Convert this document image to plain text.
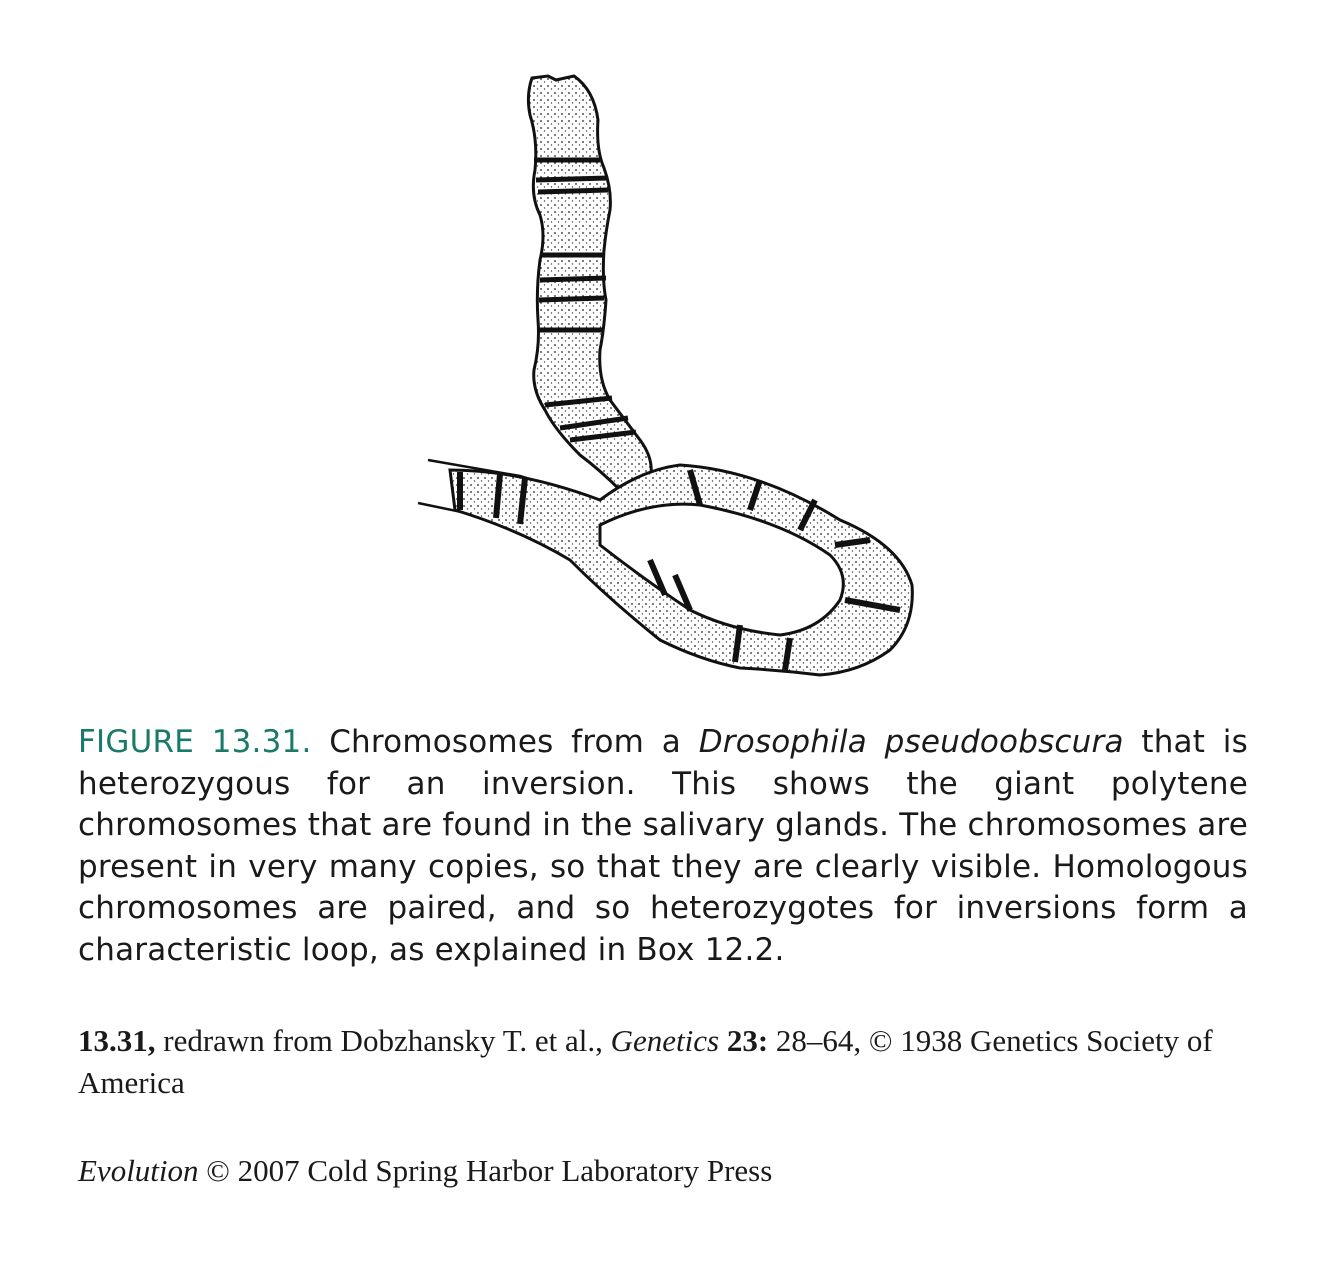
FIGURE 13.31. Chromosomes from a Drosophila pseudoobscura that is heterozygous for an inversion. This shows the giant polytene chromosomes that are found in the salivary glands. The chromosomes are present in very many copies, so that they are clearly visible. Homologous chromosomes are paired, and so heterozygotes for inversions form a characteristic loop, as explained in Box 12.2.
13.31, redrawn from Dobzhansky T. et al., Genetics 23: 28–64, © 1938 Genetics Society of America
Evolution © 2007 Cold Spring Harbor Laboratory Press
